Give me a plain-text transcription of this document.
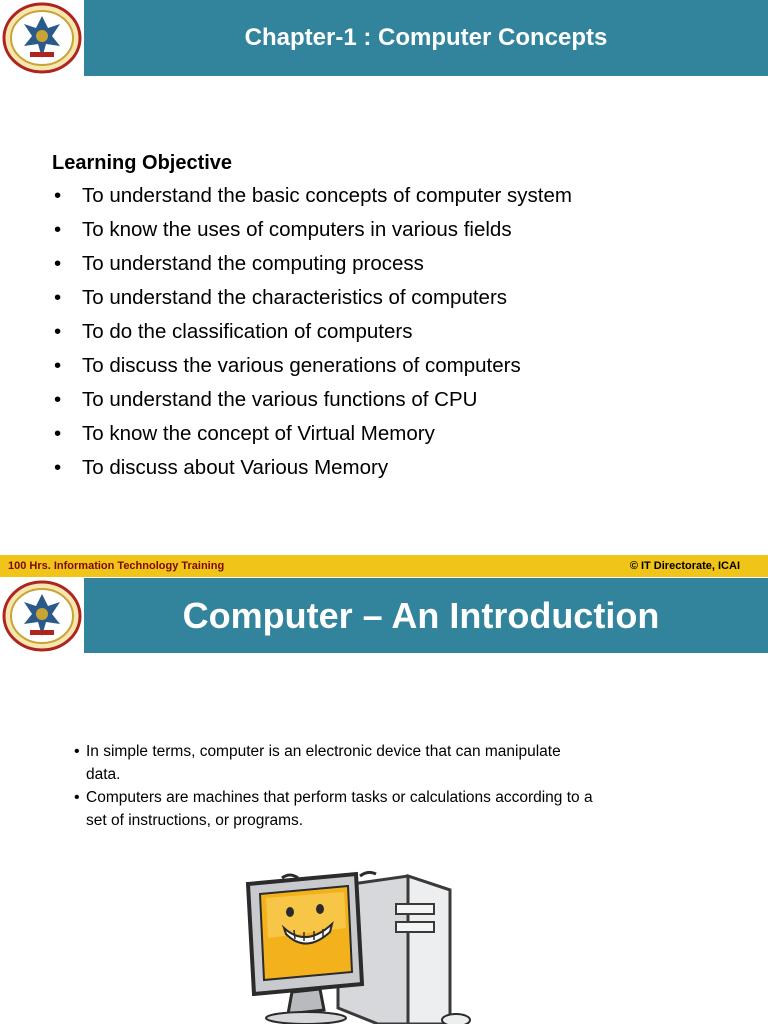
Chapter-1 : Computer Concepts
Learning Objective
• To understand the basic concepts of computer system
• To know the uses of computers in various fields
• To understand the computing process
• To understand the characteristics of computers
• To do the classification of computers
• To discuss the various generations of computers
• To understand the various functions of CPU
• To know the concept of Virtual Memory
• To discuss about Various Memory
100 Hrs. Information Technology Training	© IT Directorate, ICAI
Computer – An Introduction
• In simple terms, computer is an electronic device that can manipulate data.
• Computers are machines that perform tasks or calculations according to a set of instructions, or programs.
